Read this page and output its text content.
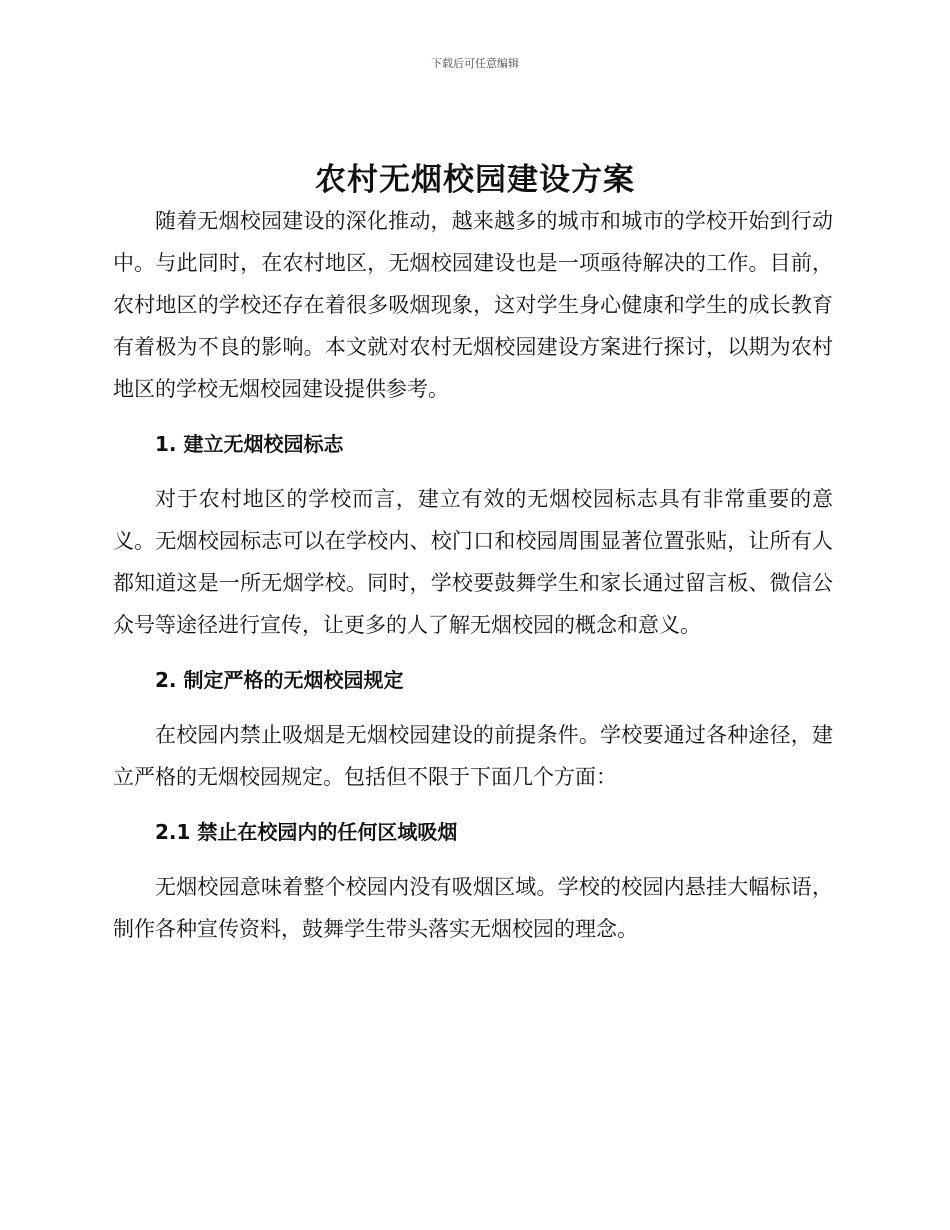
下载后可任意编辑
农村无烟校园建设方案

随着无烟校园建设的深化推动，越来越多的城市和城市的学校开始到行动中。与此同时，在农村地区，无烟校园建设也是一项亟待解决的工作。目前，农村地区的学校还存在着很多吸烟现象，这对学生身心健康和学生的成长教育有着极为不良的影响。本文就对农村无烟校园建设方案进行探讨，以期为农村地区的学校无烟校园建设提供参考。

1. 建立无烟校园标志

对于农村地区的学校而言，建立有效的无烟校园标志具有非常重要的意义。无烟校园标志可以在学校内、校门口和校园周围显著位置张贴，让所有人都知道这是一所无烟学校。同时，学校要鼓舞学生和家长通过留言板、微信公众号等途径进行宣传，让更多的人了解无烟校园的概念和意义。

2. 制定严格的无烟校园规定

在校园内禁止吸烟是无烟校园建设的前提条件。学校要通过各种途径，建立严格的无烟校园规定。包括但不限于下面几个方面：

2.1 禁止在校园内的任何区域吸烟

无烟校园意味着整个校园内没有吸烟区域。学校的校园内悬挂大幅标语，制作各种宣传资料，鼓舞学生带头落实无烟校园的理念。
